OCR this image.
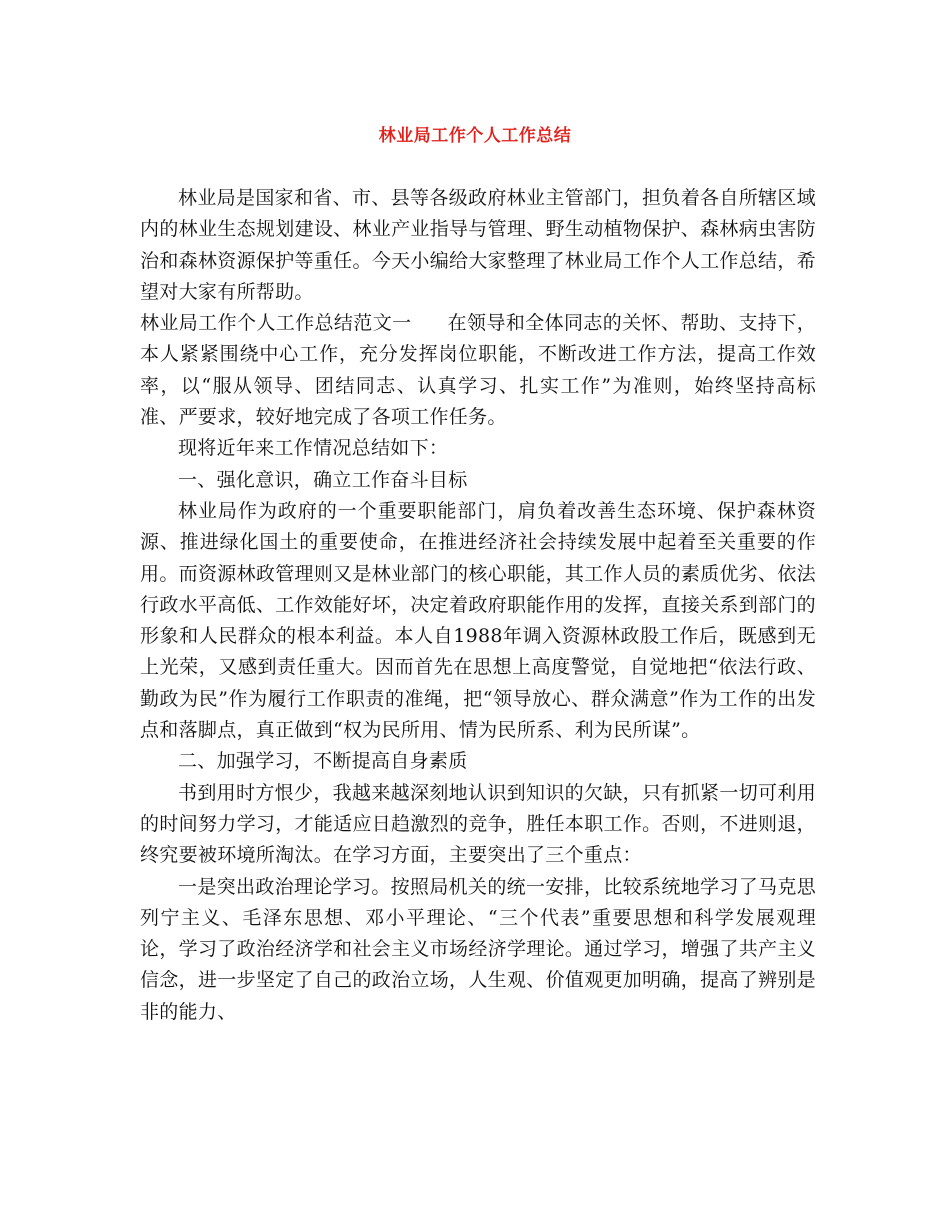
林业局工作个人工作总结

林业局是国家和省、市、县等各级政府林业主管部门，担负着各自所辖区域内的林业生态规划建设、林业产业指导与管理、野生动植物保护、森林病虫害防治和森林资源保护等重任。今天小编给大家整理了林业局工作个人工作总结，希望对大家有所帮助。

林业局工作个人工作总结范文一 在领导和全体同志的关怀、帮助、支持下，本人紧紧围绕中心工作，充分发挥岗位职能，不断改进工作方法，提高工作效率，以“服从领导、团结同志、认真学习、扎实工作”为准则，始终坚持高标准、严要求，较好地完成了各项工作任务。

现将近年来工作情况总结如下：

一、强化意识，确立工作奋斗目标

林业局作为政府的一个重要职能部门，肩负着改善生态环境、保护森林资源、推进绿化国土的重要使命，在推进经济社会持续发展中起着至关重要的作用。而资源林政管理则又是林业部门的核心职能，其工作人员的素质优劣、依法行政水平高低、工作效能好坏，决定着政府职能作用的发挥，直接关系到部门的形象和人民群众的根本利益。本人自1988年调入资源林政股工作后，既感到无上光荣，又感到责任重大。因而首先在思想上高度警觉，自觉地把“依法行政、勤政为民”作为履行工作职责的准绳，把“领导放心、群众满意”作为工作的出发点和落脚点，真正做到“权为民所用、情为民所系、利为民所谋”。

二、加强学习，不断提高自身素质

书到用时方恨少，我越来越深刻地认识到知识的欠缺，只有抓紧一切可利用的时间努力学习，才能适应日趋激烈的竞争，胜任本职工作。否则，不进则退，终究要被环境所淘汰。在学习方面，主要突出了三个重点：

一是突出政治理论学习。按照局机关的统一安排，比较系统地学习了马克思列宁主义、毛泽东思想、邓小平理论、“三个代表”重要思想和科学发展观理论，学习了政治经济学和社会主义市场经济学理论。通过学习，增强了共产主义信念，进一步坚定了自己的政治立场，人生观、价值观更加明确，提高了辨别是非的能力、
